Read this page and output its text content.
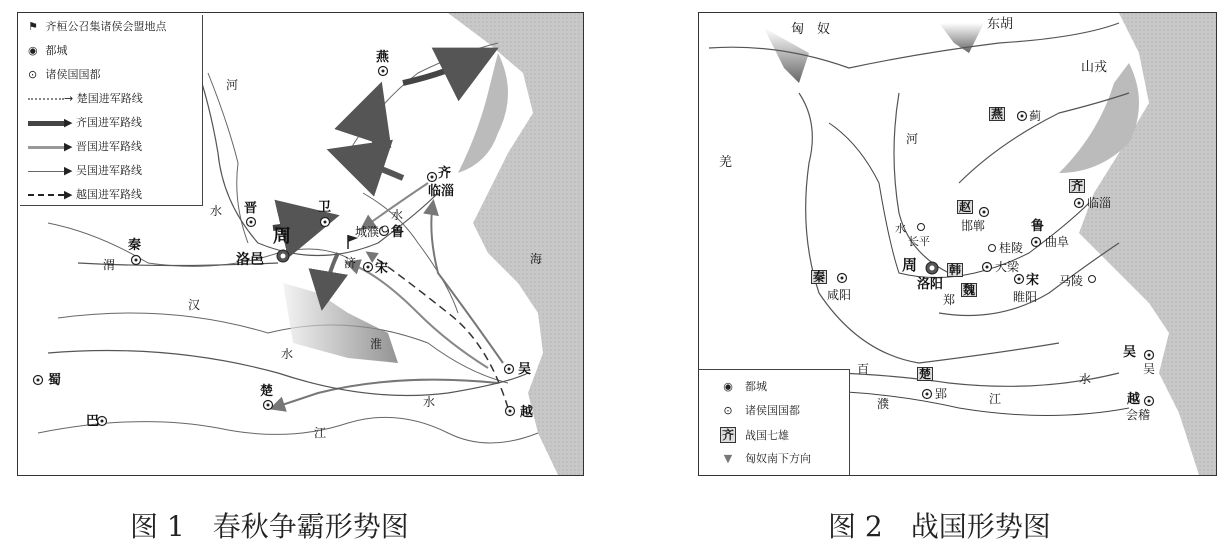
⚑ 齐桓公召集诸侯会盟地点
◉ 都城
⊙ 诸侯国国都
→ 楚国进军路线
▶ 齐国进军路线
▶ 晋国进军路线
▶ 吴国进军路线
▶ 越国进军路线
燕
齐
临淄
卫
晋
周
洛邑
秦
鲁
宋
城濮
楚
蜀
巴
吴
越
河
水	水
渭	济
汉
水
淮
水
江
海
匈　奴	东胡
山戎
羌
燕 蓟
赵
邯郸
齐
临淄
长平	桂陵
鲁
曲阜
周
洛阳
韩	大梁
魏
郑
宋
睢阳
马陵
秦
咸阳
楚
郢
吴
吴
越
会稽
河
水
百
濮	江
水
◉ 都城
⊙ 诸侯国国都
齐 战国七雄
▼ 匈奴南下方向
图 1　春秋争霸形势图	图 2　战国形势图
